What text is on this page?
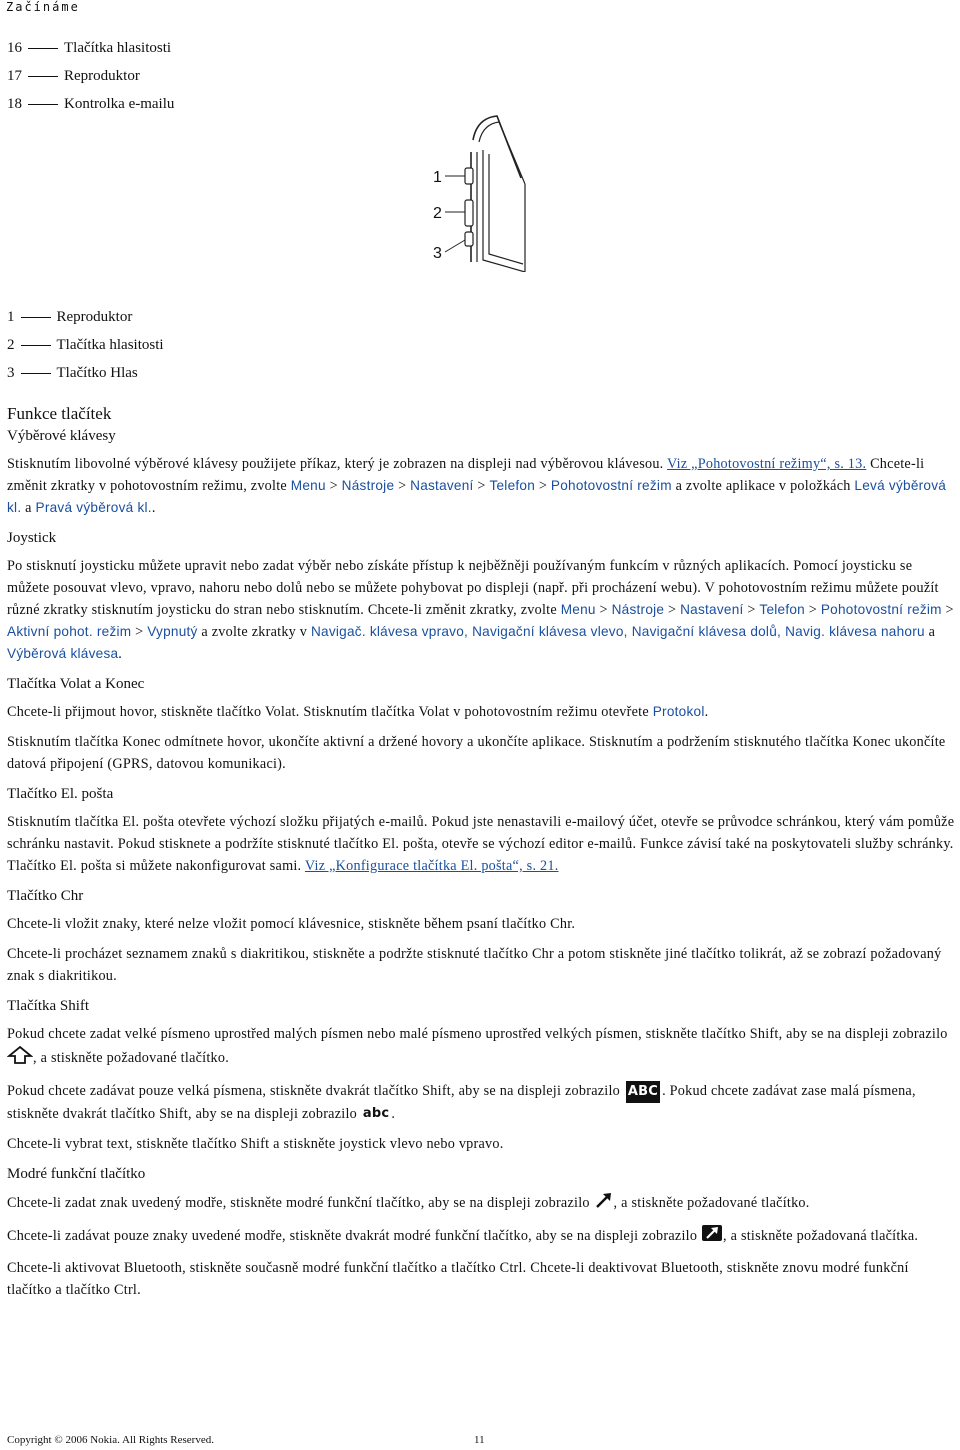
Začínáme
16	Tlačítka hlasitosti
17	Reproduktor
18	Kontrolka e-mailu
1
2
3
1	Reproduktor
2	Tlačítka hlasitosti
3	Tlačítko Hlas
Funkce tlačítek
Výběrové klávesy

Stisknutím libovolné výběrové klávesy použijete příkaz, který je zobrazen na displeji nad výběrovou klávesou. Viz „Pohotovostní režimy“, s. 13. Chcete-li změnit zkratky v pohotovostním režimu, zvolte Menu > Nástroje > Nastavení > Telefon > Pohotovostní režim a zvolte aplikace v položkách Levá výběrová kl. a Pravá výběrová kl..

Joystick

Po stisknutí joysticku můžete upravit nebo zadat výběr nebo získáte přístup k nejběžněji používaným funkcím v různých aplikacích. Pomocí joysticku se můžete posouvat vlevo, vpravo, nahoru nebo dolů nebo se můžete pohybovat po displeji (např. při procházení webu). V pohotovostním režimu můžete použít různé zkratky stisknutím joysticku do stran nebo stisknutím. Chcete-li změnit zkratky, zvolte Menu > Nástroje > Nastavení > Telefon > Pohotovostní režim > Aktivní pohot. režim > Vypnutý a zvolte zkratky v Navigač. klávesa vpravo, Navigační klávesa vlevo, Navigační klávesa dolů, Navig. klávesa nahoru a Výběrová klávesa.

Tlačítka Volat a Konec

Chcete-li přijmout hovor, stiskněte tlačítko Volat. Stisknutím tlačítka Volat v pohotovostním režimu otevřete Protokol.

Stisknutím tlačítka Konec odmítnete hovor, ukončíte aktivní a držené hovory a ukončíte aplikace. Stisknutím a podržením stisknutého tlačítka Konec ukončíte datová připojení (GPRS, datovou komunikaci).

Tlačítko El. pošta

Stisknutím tlačítka El. pošta otevřete výchozí složku přijatých e-mailů. Pokud jste nenastavili e-mailový účet, otevře se průvodce schránkou, který vám pomůže schránku nastavit. Pokud stisknete a podržíte stisknuté tlačítko El. pošta, otevře se výchozí editor e-mailů. Funkce závisí také na poskytovateli služby schránky. Tlačítko El. pošta si můžete nakonfigurovat sami. Viz „Konfigurace tlačítka El. pošta“, s. 21.

Tlačítko Chr

Chcete-li vložit znaky, které nelze vložit pomocí klávesnice, stiskněte během psaní tlačítko Chr.

Chcete-li procházet seznamem znaků s diakritikou, stiskněte a podržte stisknuté tlačítko Chr a potom stiskněte jiné tlačítko tolikrát, až se zobrazí požadovaný znak s diakritikou.

Tlačítka Shift

Pokud chcete zadat velké písmeno uprostřed malých písmen nebo malé písmeno uprostřed velkých písmen, stiskněte tlačítko Shift, aby se na displeji zobrazilo , a stiskněte požadované tlačítko.

Pokud chcete zadávat pouze velká písmena, stiskněte dvakrát tlačítko Shift, aby se na displeji zobrazilo ABC . Pokud chcete zadávat zase malá písmena, stiskněte dvakrát tlačítko Shift, aby se na displeji zobrazilo abc .

Chcete-li vybrat text, stiskněte tlačítko Shift a stiskněte joystick vlevo nebo vpravo.

Modré funkční tlačítko

Chcete-li zadat znak uvedený modře, stiskněte modré funkční tlačítko, aby se na displeji zobrazilo , a stiskněte požadované tlačítko.

Chcete-li zadávat pouze znaky uvedené modře, stiskněte dvakrát modré funkční tlačítko, aby se na displeji zobrazilo , a stiskněte požadovaná tlačítka.

Chcete-li aktivovat Bluetooth, stiskněte současně modré funkční tlačítko a tlačítko Ctrl. Chcete-li deaktivovat Bluetooth, stiskněte znovu modré funkční tlačítko a tlačítko Ctrl.

Copyright © 2006 Nokia. All Rights Reserved.	11
